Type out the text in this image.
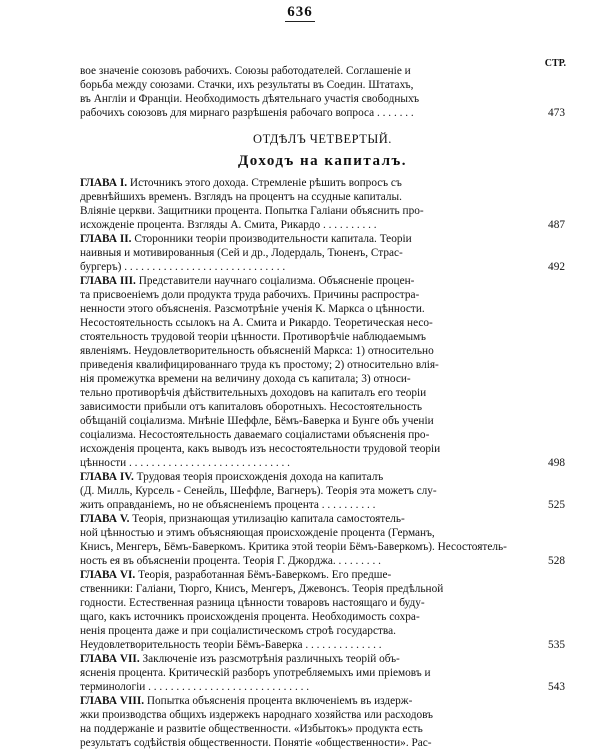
636
СТР.
вое значеніе союзовъ рабочихъ. Союзы работодателей. Соглашеніе и
борьба между союзами. Стачки, ихъ результаты въ Соедин. Штатахъ,
въ Англіи и Франціи. Необходимость дѣятельнаго участія свободныхъ
рабочихъ союзовъ для мирнаго разрѣшенія рабочаго вопроса . . . . . . .	473
ОТДѢЛЪ ЧЕТВЕРТЫЙ.
Доходъ на капиталъ.
ГЛАВА I. Источникъ этого дохода. Стремленіе рѣшить вопросъ съ
древнѣйшихъ временъ. Взглядъ на процентъ на ссудные капиталы.
Вліяніе церкви. Защитники процента. Попытка Галіани объяснить про-
исхожденіе процента. Взгляды А. Смита, Рикардо . . . . . . . . . .	487
ГЛАВА II. Сторонники теоріи производительности капитала. Теоріи
наивныя и мотивированныя (Сей и др., Лодердаль, Тюненъ, Страс-
бургеръ) . . . . . . . . . . . . . . . . . . . . . . . . . . . . .	492
ГЛАВА III. Представители научнаго соціализма. Объясненіе процен-
та присвоеніемъ доли продукта труда рабочихъ. Причины распростра-
ненности этого объясненія. Разсмотрѣніе ученія К. Маркса о цѣнности.
Несостоятельность ссылокъ на А. Смита и Рикардо. Теоретическая несо-
стоятельность трудовой теоріи цѣнности. Противорѣчіе наблюдаемымъ
явленіямъ. Неудовлетворительность объясненій Маркса: 1) относительно
приведенія квалифицированнаго труда къ простому; 2) относительно влія-
нія промежутка времени на величину дохода съ капитала; 3) относи-
тельно противорѣчія дѣйствительныхъ доходовъ на капиталъ его теоріи
зависимости прибыли отъ капиталовъ оборотныхъ. Несостоятельность
обѣщаній соціализма. Мнѣніе Шеффле, Бёмъ-Баверка и Бунге объ ученіи
соціализма. Несостоятельность даваемаго соціалистами объясненія про-
исхожденія процента, какъ выводъ изъ несостоятельности трудовой теоріи
цѣнности . . . . . . . . . . . . . . . . . . . . . . . . . . . . .	498
ГЛАВА IV. Трудовая теорія происхожденія дохода на капиталъ
(Д. Милль, Курсель - Сенейль, Шеффле, Вагнеръ). Теорія эта можетъ слу-
жить оправданіемъ, но не объясненіемъ процента . . . . . . . . . .	525
ГЛАВА V. Теорія, признающая утилизацію капитала самостоятель-
ной цѣнностью и этимъ объясняющая происхожденіе процента (Германъ,
Книсъ, Менгеръ, Бёмъ-Баверкомъ. Критика этой теоріи Бёмъ-Баверкомъ). Несостоятель-
ность ея въ объясненіи процента. Теорія Г. Джорджа. . . . . . . . .	528
ГЛАВА VI. Теорія, разработанная Бёмъ-Баверкомъ. Его предше-
ственники: Галіани, Тюрго, Книсъ, Менгеръ, Джевонсъ. Теорія предѣльной
годности. Естественная разница цѣнности товаровъ настоящаго и буду-
щаго, какъ источникъ происхожденія процента. Необходимость сохра-
ненія процента даже и при соціалистическомъ строѣ государства.
Неудовлетворительность теоріи Бёмъ-Баверка . . . . . . . . . . . . . .	535
ГЛАВА VII. Заключеніе изъ разсмотрѣнія различныхъ теорій объ-
ясненія процента. Критическій разборъ употребляемыхъ ими пріемовъ и
терминологіи . . . . . . . . . . . . . . . . . . . . . . . . . . . . .	543
ГЛАВА VIII. Попытка объясненія процента включеніемъ въ издерж-
жки производства общихъ издержекъ народнаго хозяйства или расходовъ
на поддержаніе и развитіе общественности. «Избытокъ» продукта есть
результатъ содѣйствія общественности. Понятіе «общественности». Рас-
